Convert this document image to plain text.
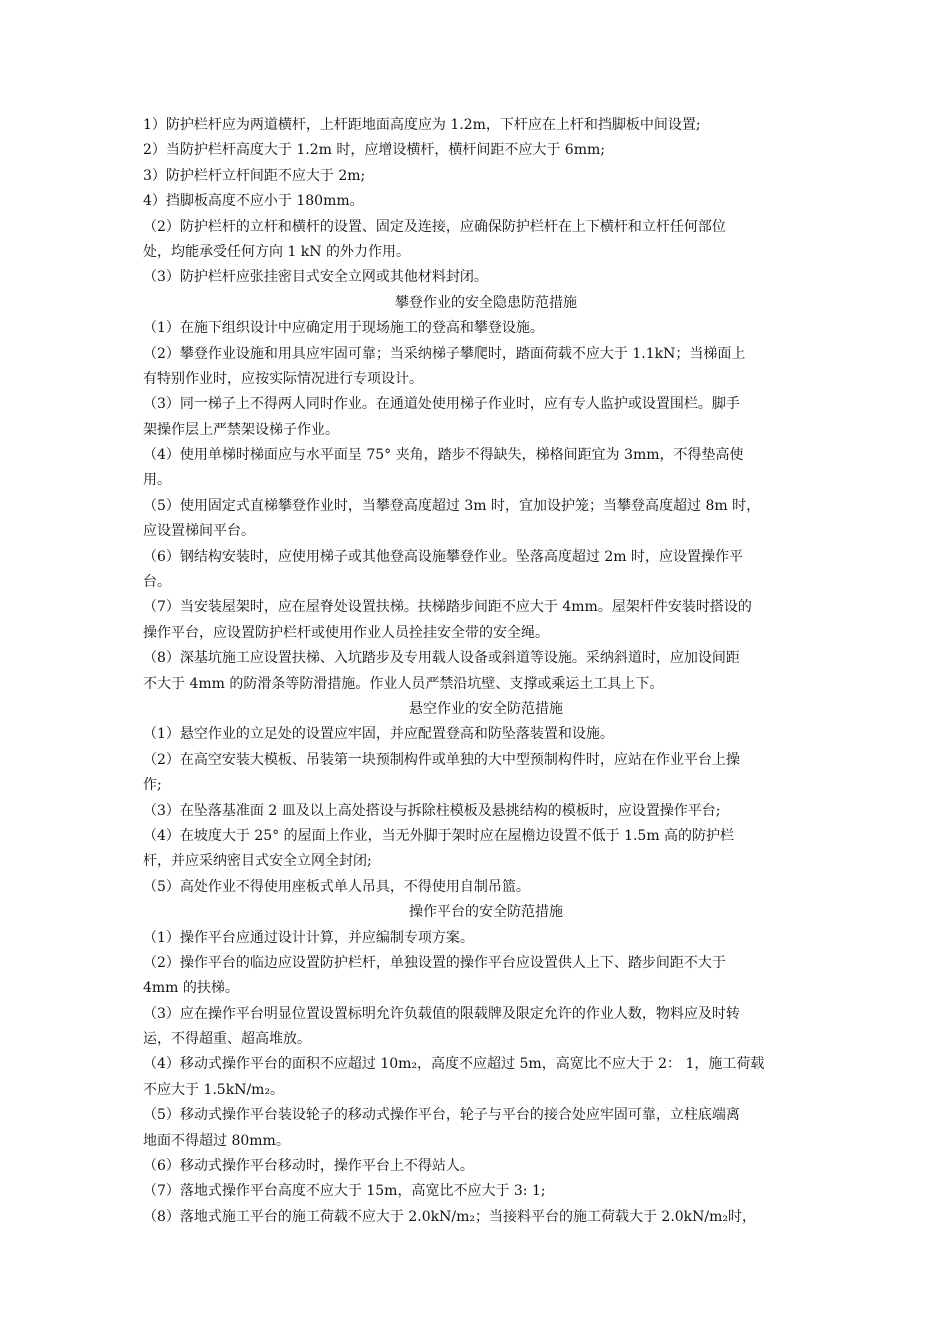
1）防护栏杆应为两道横杆，上杆距地面高度应为 1.2m，下杆应在上杆和挡脚板中间设置;
2）当防护栏杆高度大于 1.2m 时，应增设横杆，横杆间距不应大于 6mm;
3）防护栏杆立杆间距不应大于 2m;
4）挡脚板高度不应小于 180mm。
（2）防护栏杆的立杆和横杆的设置、固定及连接，应确保防护栏杆在上下横杆和立杆任何部位
处，均能承受任何方向 1 kN 的外力作用。
（3）防护栏杆应张挂密目式安全立网或其他材料封闭。
攀登作业的安全隐患防范措施
（1）在施下组织设计中应确定用于现场施工的登高和攀登设施。
（2）攀登作业设施和用具应牢固可靠；当采纳梯子攀爬时，踏面荷载不应大于 1.1kN；当梯面上
有特别作业时，应按实际情况进行专项设计。
（3）同一梯子上不得两人同时作业。在通道处使用梯子作业时，应有专人监护或设置围栏。脚手
架操作层上严禁架设梯子作业。
（4）使用单梯时梯面应与水平面呈 75° 夹角，踏步不得缺失，梯格间距宜为 3mm，不得垫高使
用。
（5）使用固定式直梯攀登作业时，当攀登高度超过 3m 时，宜加设护笼；当攀登高度超过 8m 时，
应设置梯间平台。
（6）钢结构安装时，应使用梯子或其他登高设施攀登作业。坠落高度超过 2m 时，应设置操作平
台。
（7）当安装屋架时，应在屋脊处设置扶梯。扶梯踏步间距不应大于 4mm。屋架杆件安装时搭设的
操作平台，应设置防护栏杆或使用作业人员拴挂安全带的安全绳。
（8）深基坑施工应设置扶梯、入坑踏步及专用载人设备或斜道等设施。采纳斜道时，应加设间距
不大于 4mm 的防滑条等防滑措施。作业人员严禁沿坑壁、支撑或乘运土工具上下。
悬空作业的安全防范措施
（1）悬空作业的立足处的设置应牢固，并应配置登高和防坠落装置和设施。
（2）在高空安装大模板、吊装第一块预制构件或单独的大中型预制构件时，应站在作业平台上操
作;
（3）在坠落基准面 2 皿及以上高处搭设与拆除柱模板及悬挑结构的模板时，应设置操作平台;
（4）在坡度大于 25° 的屋面上作业，当无外脚于架时应在屋檐边设置不低于 1.5m 高的防护栏
杆，并应采纳密目式安全立网全封闭;
（5）高处作业不得使用座板式单人吊具，不得使用自制吊篮。
操作平台的安全防范措施
（1）操作平台应通过设计计算，并应编制专项方案。
（2）操作平台的临边应设置防护栏杆，单独设置的操作平台应设置供人上下、踏步间距不大于
4mm 的扶梯。
（3）应在操作平台明显位置设置标明允许负载值的限载牌及限定允许的作业人数，物料应及时转
运，不得超重、超高堆放。
（4）移动式操作平台的面积不应超过 10m₂，高度不应超过 5m，高宽比不应大于 2： 1，施工荷载
不应大于 1.5kN/m₂。
（5）移动式操作平台装设轮子的移动式操作平台，轮子与平台的接合处应牢固可靠，立柱底端离
地面不得超过 80mm。
（6）移动式操作平台移动时，操作平台上不得站人。
（7）落地式操作平台高度不应大于 15m，高宽比不应大于 3: 1;
（8）落地式施工平台的施工荷载不应大于 2.0kN/m₂；当接料平台的施工荷载大于 2.0kN/m₂时，
